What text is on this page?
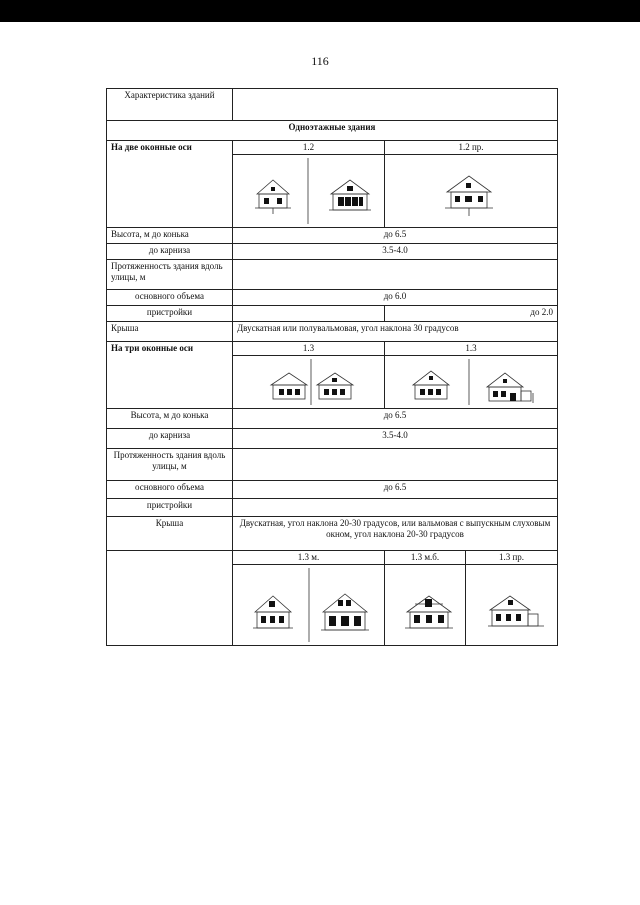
116
Характеристика зданий			
Одноэтажные здания			
На две оконные оси	1.2	1.2 пр.	

Высота, м до конька	до 6.5		
до карниза	3.5-4.0		
Протяженность здания вдоль улицы, м			
основного объема	до 6.0		
пристройки		до 2.0	
Крыша	Двускатная или полувальмовая, угол наклона 30 градусов		
На три оконные оси	1.3	1.3	

Высота, м до конька	до 6.5		
до карниза	3.5-4.0		
Протяженность здания вдоль улицы, м			
основного объема	до 6.5		
пристройки			
Крыша	Двускатная, угол наклона 20-30 градусов, или вальмовая с выпускным слуховым окном, угол наклона 20-30 градусов		
	1.3 м.	1.3 м.б.	1.3 пр.
